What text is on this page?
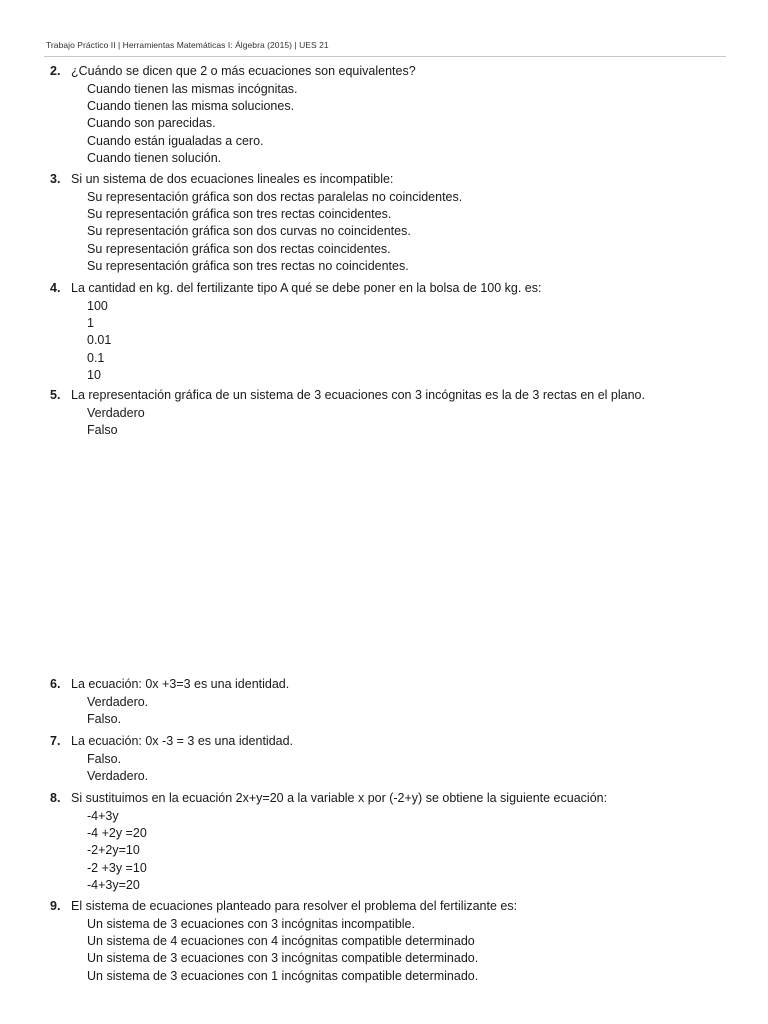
Trabajo Práctico II | Herramientas Matemáticas I: Álgebra (2015) | UES 21
2. ¿Cuándo se dicen que 2 o más ecuaciones son equivalentes?
Cuando tienen las mismas incógnitas.
Cuando tienen las misma soluciones.
Cuando son parecidas.
Cuando están igualadas a cero.
Cuando tienen solución.
3. Si un sistema de dos ecuaciones lineales es incompatible:
Su representación gráfica son dos rectas paralelas no coincidentes.
Su representación gráfica son tres rectas coincidentes.
Su representación gráfica son dos curvas no coincidentes.
Su representación gráfica son dos rectas coincidentes.
Su representación gráfica son tres rectas no coincidentes.
4. La cantidad en kg. del fertilizante tipo A qué se debe poner en la bolsa de 100 kg. es:
100
1
0.01
0.1
10
5. La representación gráfica de un sistema de 3 ecuaciones con 3 incógnitas es la de 3 rectas en el plano.
Verdadero
Falso
6. La ecuación: 0x +3=3 es una identidad.
Verdadero.
Falso.
7. La ecuación: 0x -3 = 3 es una identidad.
Falso.
Verdadero.
8. Si sustituimos en la ecuación 2x+y=20 a la variable x por (-2+y) se obtiene la siguiente ecuación:
-4+3y
-4 +2y =20
-2+2y=10
-2 +3y =10
-4+3y=20
9. El sistema de ecuaciones planteado para resolver el problema del fertilizante es:
Un sistema de 3 ecuaciones con 3 incógnitas incompatible.
Un sistema de 4 ecuaciones con 4 incógnitas compatible determinado
Un sistema de 3 ecuaciones con 3 incógnitas compatible determinado.
Un sistema de 3 ecuaciones con 1 incógnitas compatible determinado.
